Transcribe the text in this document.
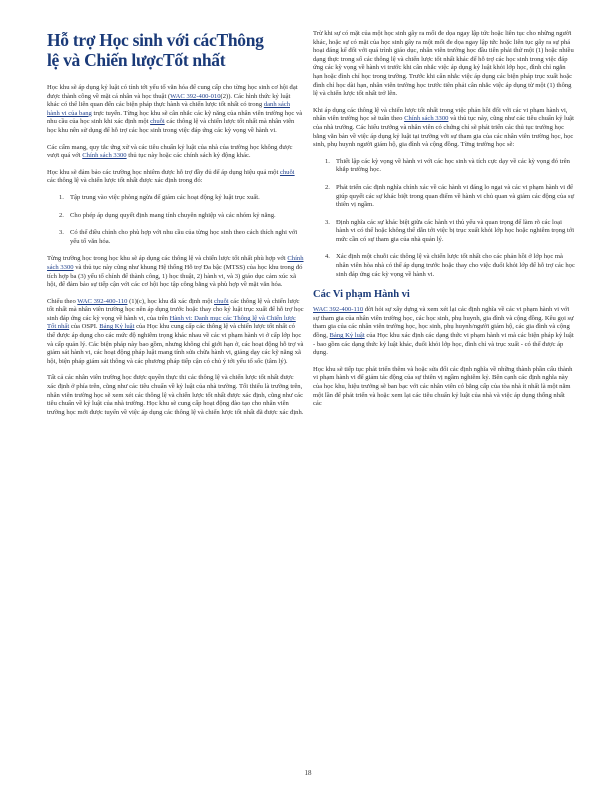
Hỗ trợ Học sinh với cácThông
lệ và Chiến lượcTốt nhất

Học khu sẽ áp dụng kỷ luật có tính tới yếu tố văn hóa để cung cấp cho từng học sinh cơ hội đạt được thành công về mặt cá nhân và học thuật (WAC 392-400-010(2)). Các hình thức kỷ luật khác có thể liên quan đến các biện pháp thực hành và chiến lược tốt nhất có trong danh sách hành vi của bang trực tuyến. Từng học khu sẽ cân nhắc các kỹ năng của nhân viên trường học và nhu cầu của học sinh khi xác định một chuỗi các thông lệ và chiến lược tốt nhất mà nhân viên học khu nên sử dụng để hỗ trợ các học sinh trong việc đáp ứng các kỳ vọng về hành vi.

Các cấm mang, quy tắc ứng xử và các tiêu chuẩn kỷ luật của nhà của trường học không được vượt quá với Chính sách 3300 thủ tục này hoặc các chính sách kỷ động khác.

Học khu sẽ đảm bảo các trường học nhiêm được hỗ trợ đầy đủ để áp dụng hiệu quả một chuỗi các thông lệ và chiến lược tốt nhất được xác định trong đó:

1. Tập trung vào việc phòng ngừa để giảm các hoạt động kỷ luật trục xuất.
2. Cho phép áp dụng quyết định mang tính chuyên nghiệp và các nhóm kỷ năng.
3. Có thể điều chỉnh cho phù hợp với nhu cầu của từng học sinh theo cách thích nghi với yếu tố văn hóa.

Từng trường học trong học khu sẽ áp dụng các thông lệ và chiến lược tốt nhất phù hợp với Chính sách 3300 và thủ tục này cũng như khung Hệ thống Hỗ trợ Đa bậc (MTSS) của học khu trong đó tích hợp ba (3) yếu tố chính để thành công, 1) học thuật, 2) hành vi, và 3) giáo dục cảm xúc xã hội, để đảm bảo sự tiếp cận với các cơ hội học tập công bằng và phù hợp về mặt văn hóa.

Chiểu theo WAC 392-400-110 (1)(c), học khu đã xác định một chuỗi các thông lệ và chiến lược tốt nhất mà nhân viên trường học nên áp dụng trước hoặc thay cho kỷ luật trục xuất để hỗ trợ học sinh đáp ứng các kỳ vọng về hành vi, của trên Hành vi: Danh mục các Thông lệ và Chiến lược Tốt nhất của OSPI. Bảng Kỷ luật của Học khu cung cấp các thông lệ và chiến lược tốt nhất có thể được áp dụng cho các mức độ nghiêm trọng khác nhau về các vi phạm hành vi ở cấp lớp học và cấp quản lý. Các biện pháp này bao gồm, nhưng không chỉ giới hạn ở, các hoạt động hỗ trợ và giảm sát hành vi, các hoạt động pháp luật mang tính sửa chữa hành vi, giảng dạy các kỹ năng xã hội, biện pháp giám sát thông và các phương pháp tiếp cận có chủ ý tới yếu tố sốc (tâm lý).

Tất cả các nhân viên trường học được quyền thực thi các thông lệ và chiến lược tốt nhất được xác định ở phía trên, cũng như các tiêu chuẩn về kỷ luật của nhà trường. Tối thiểu là trường trên, nhân viên trường học sẽ xem xét các thông lệ và chiến lược tốt nhất được xác định, cũng như các tiêu chuẩn về kỷ luật của nhà trường. Học khu sẽ cung cấp hoạt động đào tạo cho nhân viên trường học mới được tuyển về việc áp dụng các thông lệ và chiến lược tốt nhất đã được xác định.

Trừ khi sự có mặt của một học sinh gây ra mối đe dọa ngay lập tức hoặc liên tục cho những người khác, hoặc sự có mặt của học sinh gây ra một mối đe dọa ngay lập tức hoặc liên tục gây ra sự phá hoại đáng kể đối với quá trình giáo dục, nhân viên trường học đầu tiên phải thử một (1) hoặc nhiều dạng thực trong số các thông lệ và chiến lược tốt nhất khác để hỗ trợ các học sinh trong việc đáp ứng các kỳ vọng về hành vi trước khi cân nhắc việc áp dụng kỷ luật khỏi lớp học, đình chỉ ngắn hạn hoặc đình chỉ học trong trường. Trước khi cân nhắc việc áp dụng các biện pháp trục xuất hoặc đình chỉ học dài hạn, nhân viên trường học trước tiên phải cân nhắc việc áp dụng từ một (1) thông lệ và chiến lược tốt nhất trở lên.

Khi áp dụng các thông lệ và chiến lược tốt nhất trong việc phản hồi đối với các vi phạm hành vi, nhân viên trường học sẽ tuân theo Chính sách 3300 và thủ tục này, cũng như các tiêu chuẩn kỷ luật của nhà trường. Các hiểu trưởng và nhân viên có chứng chỉ sẽ phát triển các thủ tục trường học bằng văn bản về việc áp dụng kỷ luật tại trường với sự tham gia của các nhân viên trường học, học sinh, phụ huynh người giám hộ, gia đình và cộng đồng. Từng trường học sẽ:

1. Thiết lập các kỳ vọng về hành vi với các học sinh và tích cực dạy về các kỳ vọng đó trên khắp trường học.
2. Phát triển các định nghĩa chính xác về các hành vi đáng lo ngại và các vi phạm hành vi để giúp quyết các sự khác biệt trong quan điểm về hành vi chủ quan và giảm các động của sự thiên vị ngầm.
3. Định nghĩa các sự khác biệt giữa các hành vi thủ yếu và quan trọng để làm rõ các loại hành vi có thể hoặc không thể dẫn tới việc bị trục xuất khỏi lớp học hoặc nghiêm trọng tới mức cần có sự tham gia của nhà quản lý.
4. Xác định một chuỗi các thông lệ và chiến lược tốt nhất cho các phản hồi ở lớp học mà nhân viên hòa nhà có thể áp dụng trước hoặc thay cho việc đuổi khỏi lớp để hỗ trợ các học sinh đáp ứng các kỳ vọng về hành vi.
Các Vi phạm Hành vi

WAC 392-400-110 đời hỏi sự xây dựng và xem xét lại các định nghĩa về các vi phạm hành vi với sự tham gia của nhân viên trường học, các học sinh, phụ huynh, gia đình và cộng đồng. Kêu gọi sự tham gia của các nhân viên trường học, học sinh, phụ huynh/người giám hộ, các gia đình và cộng đồng, Bảng Kỷ luật của Học khu xác định các dạng thức vi phạm hành vi mà các biện pháp kỷ luật - bao gồm các dạng thức kỷ luật khác, đuổi khỏi lớp học, đình chỉ và trục xuất - có thể được áp dụng.

Học khu sẽ tiếp tục phát triển thêm và hoặc sửa đổi các định nghĩa về những thành phần cấu thành vi phạm hành vi để giảm tác động của sự thiên vị ngầm nghiêm kỷ. Bên cạnh các định nghĩa này của học khu, hiệu trưởng sẽ ban bạc với các nhân viên có bằng cấp của tòa nhà ít nhất là một năm một lần để phát triển và hoặc xem lại các tiêu chuẩn kỷ luật của nhà và việc áp dụng thống nhất các

18
